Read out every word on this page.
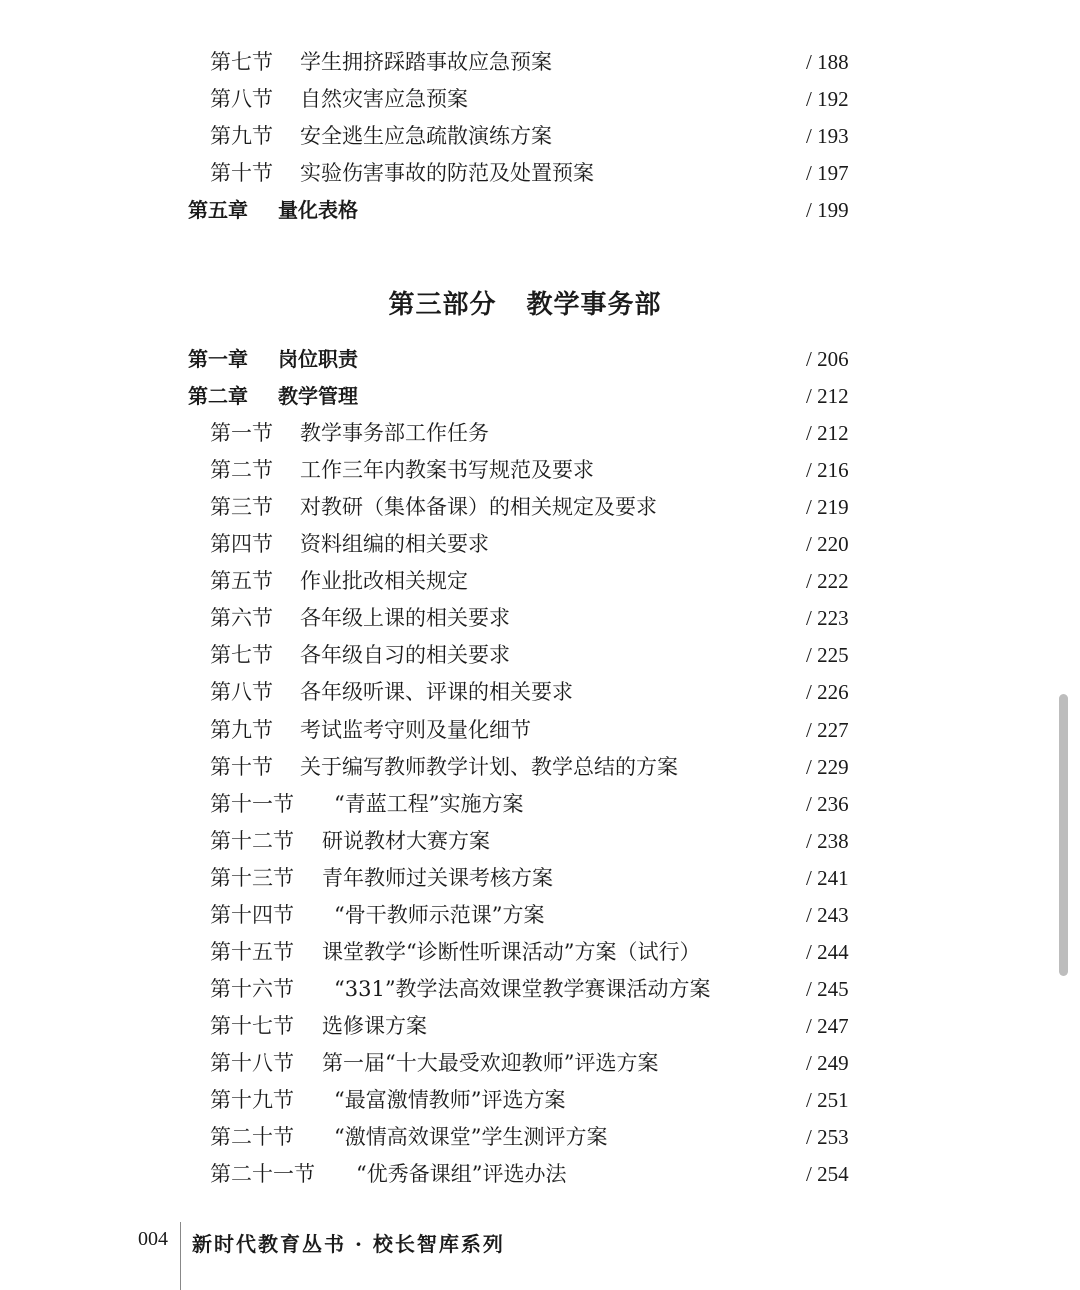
第七节 学生拥挤踩踏事故应急预案	/ 188
第八节 自然灾害应急预案	/ 192
第九节 安全逃生应急疏散演练方案	/ 193
第十节 实验伤害事故的防范及处置预案	/ 197
第五章 量化表格	/ 199
第三部分 教学事务部
第一章 岗位职责	/ 206
第二章 教学管理	/ 212
第一节 教学事务部工作任务	/ 212
第二节 工作三年内教案书写规范及要求	/ 216
第三节 对教研（集体备课）的相关规定及要求	/ 219
第四节 资料组编的相关要求	/ 220
第五节 作业批改相关规定	/ 222
第六节 各年级上课的相关要求	/ 223
第七节 各年级自习的相关要求	/ 225
第八节 各年级听课、评课的相关要求	/ 226
第九节 考试监考守则及量化细节	/ 227
第十节 关于编写教师教学计划、教学总结的方案	/ 229
第十一节 “青蓝工程”实施方案	/ 236
第十二节 研说教材大赛方案	/ 238
第十三节 青年教师过关课考核方案	/ 241
第十四节 “骨干教师示范课”方案	/ 243
第十五节 课堂教学“诊断性听课活动”方案（试行）	/ 244
第十六节 “331”教学法高效课堂教学赛课活动方案	/ 245
第十七节 选修课方案	/ 247
第十八节 第一届“十大最受欢迎教师”评选方案	/ 249
第十九节 “最富激情教师”评选方案	/ 251
第二十节 “激情高效课堂”学生测评方案	/ 253
第二十一节 “优秀备课组”评选办法	/ 254
004 新时代教育丛书 · 校长智库系列
